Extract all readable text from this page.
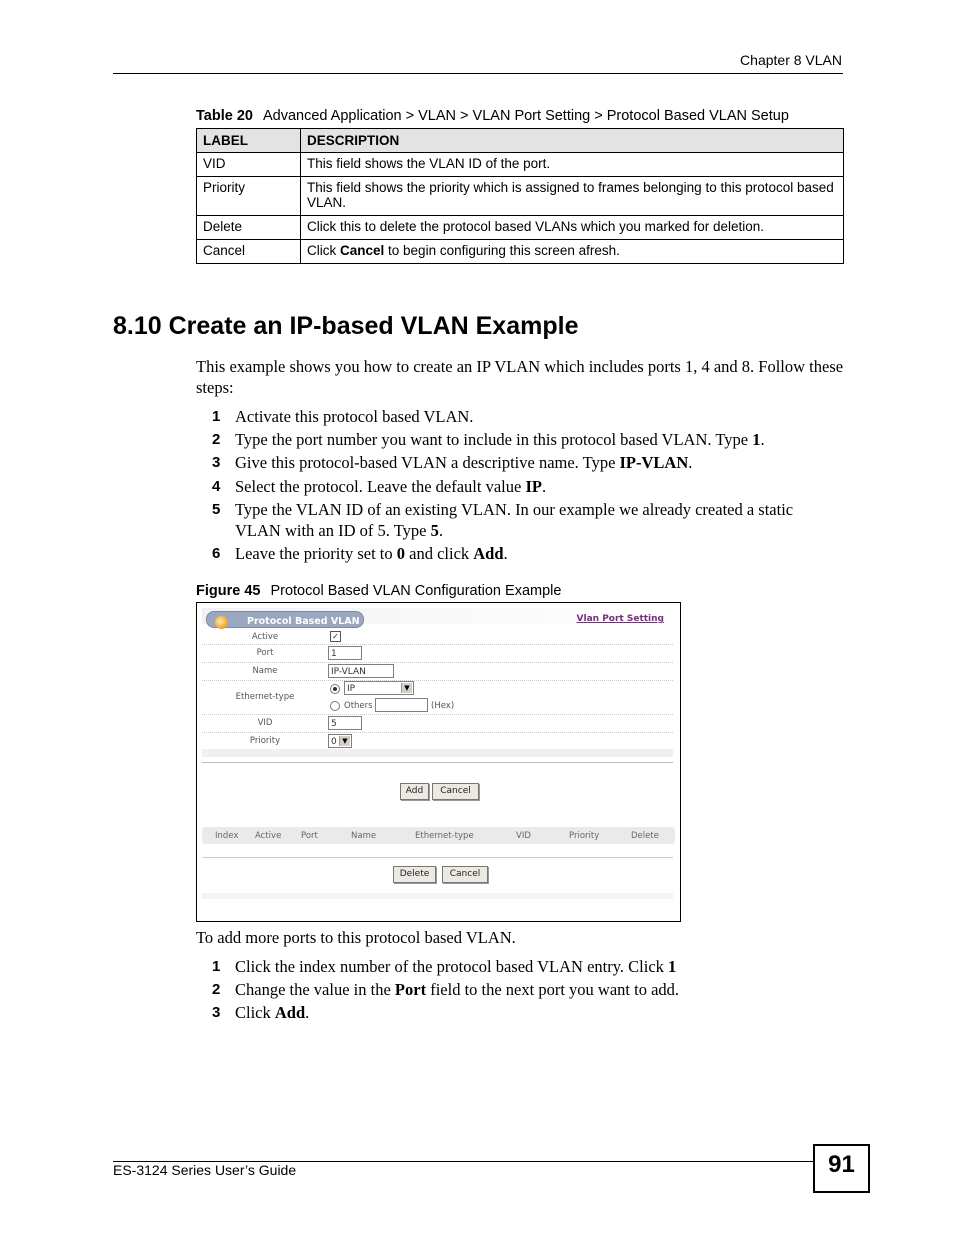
Chapter 8 VLAN
Table 20 Advanced Application > VLAN > VLAN Port Setting > Protocol Based VLAN Setup
LABEL	DESCRIPTION
VID	This field shows the VLAN ID of the port.
Priority	This field shows the priority which is assigned to frames belonging to this protocol based VLAN.
Delete	Click this to delete the protocol based VLANs which you marked for deletion.
Cancel	Click Cancel to begin configuring this screen afresh.
8.10 Create an IP-based VLAN Example
This example shows you how to create an IP VLAN which includes ports 1, 4 and 8. Follow these steps:
1 Activate this protocol based VLAN.
2 Type the port number you want to include in this protocol based VLAN. Type 1.
3 Give this protocol-based VLAN a descriptive name. Type IP-VLAN.
4 Select the protocol. Leave the default value IP.
5 Type the VLAN ID of an existing VLAN. In our example we already created a static VLAN with an ID of 5. Type 5.
6 Leave the priority set to 0 and click Add.
Figure 45 Protocol Based VLAN Configuration Example
Protocol Based VLAN	Vlan Port Setting
Active	✓
Port	1
Name	IP-VLAN
Ethernet-type
IP	▼
Others	(Hex)
VID	5
Priority	0 ▼
Add	Cancel
Index Active Port	Name	Ethernet-type	VID	Priority	Delete
Delete	Cancel
To add more ports to this protocol based VLAN.
1 Click the index number of the protocol based VLAN entry. Click 1
2 Change the value in the Port field to the next port you want to add.
3 Click Add.
ES-3124 Series User’s Guide	91
